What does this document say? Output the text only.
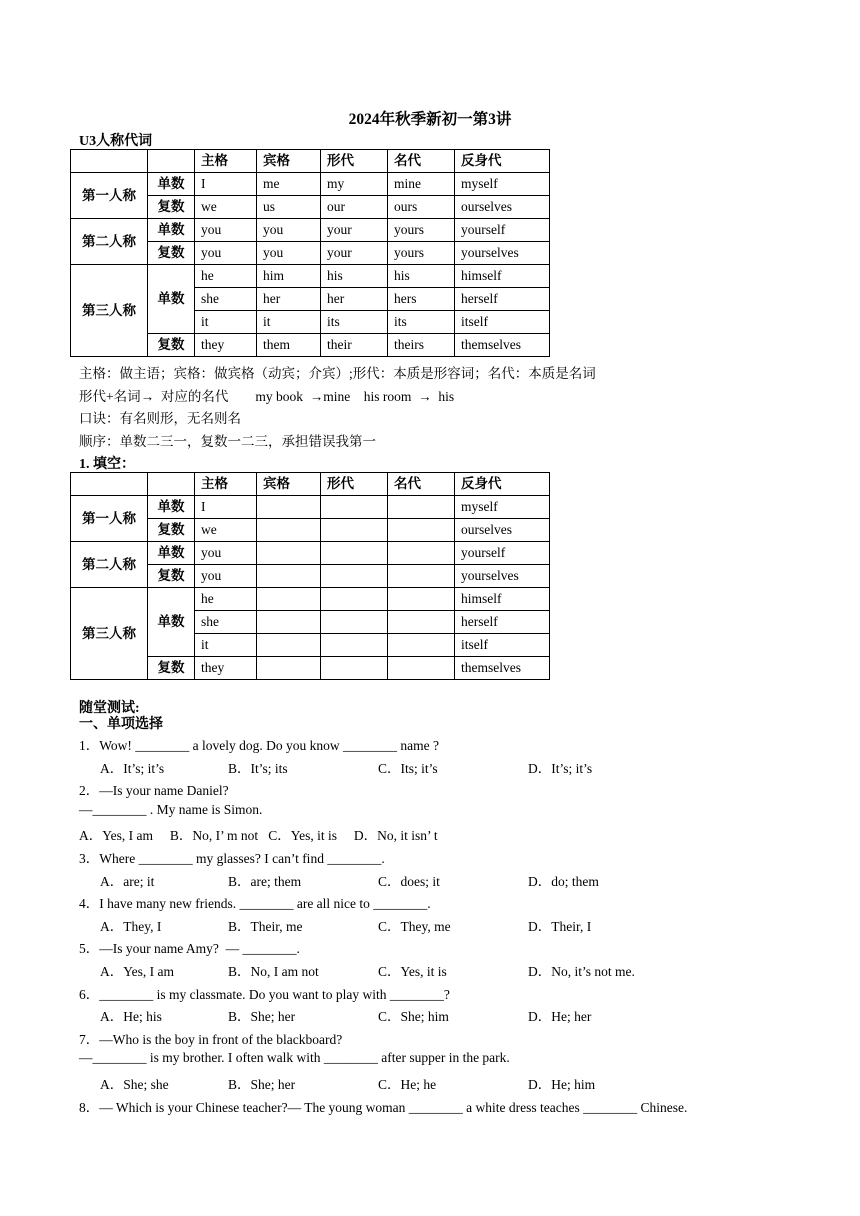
2024年秋季新初一第3讲
U3人称代词
		主格	宾格	形代	名代	反身代
第一人称	单数	I	me	my	mine	myself
	复数	we	us	our	ours	ourselves
第二人称	单数	you	you	your	yours	yourself
	复数	you	you	your	yours	yourselves
第三人称	单数	he	him	his	his	himself
		she	her	her	hers	herself
		it	it	its	its	itself
	复数	they	them	their	theirs	themselves
主格：做主语；宾格：做宾格（动宾；介宾）;形代：本质是形容词；名代：本质是名词
形代+名词→  对应的名代        my book  →mine    his room  →  his
口诀：有名则形，无名则名
顺序：单数二三一，复数一二三，承担错误我第一
1. 填空：
		主格	宾格	形代	名代	反身代
第一人称	单数	I				myself
	复数	we				ourselves
第二人称	单数	you				yourself
	复数	you				yourselves
第三人称	单数	he				himself
		she				herself
		it				itself
	复数	they				themselves
随堂测试:
一、单项选择
1．Wow! ________ a lovely dog. Do you know ________ name ?
A．It’s; it’s	B．It’s; its	C．Its; it’s	D．It’s; it’s
2．—Is your name Daniel?
—________ . My name is Simon.
A．Yes, I am     B．No, I’ m not   C．Yes, it is     D．No, it isn’ t
3．Where ________ my glasses? I can’t find ________.
A．are; it	B．are; them	C．does; it	D．do; them
4．I have many new friends. ________ are all nice to ________.
A．They, I	B．Their, me	C．They, me	D．Their, I
5．—Is your name Amy?  — ________.
A．Yes, I am	B．No, I am not	C．Yes, it is	D．No, it’s not me.
6．________ is my classmate. Do you want to play with ________?
A．He; his	B．She; her	C．She; him	D．He; her
7．—Who is the boy in front of the blackboard?
—________ is my brother. I often walk with ________ after supper in the park.
A．She; she	B．She; her	C．He; he	D．He; him
8．— Which is your Chinese teacher?— The young woman ________ a white dress teaches ________ Chinese.
